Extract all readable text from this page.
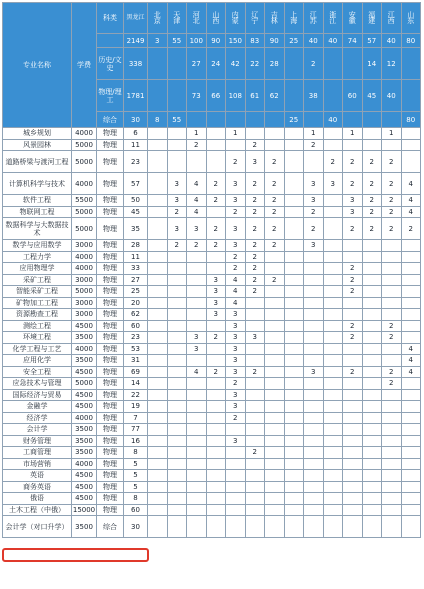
专业名称	学费	科类	黑龙江	北京	天津	河北	山西	内蒙	辽宁	吉林	上海	江苏	浙江	安徽	福建	江西	山东
			2149	3	55	100	90	150	83	90	25	40	40	74	57	40	80
		历史/文史	338			27	24	42	22	28		2			14	12	
		物理/理工	1781			73	66	108	61	62		38		60	45	40	
		综合	30	8	55						25		40				80
城乡规划	4000	物理	6			1		1				1		1		1	
风景园林	5000	物理	11			2			2			2					
道路桥梁与渡河工程	5000	物理	23					2	3	2			2	2	2	2	
计算机科学与技术	4000	物理	57		3	4	2	3	2	2		3	3	2	2	2	4
软件工程	5500	物理	50		3	4	2	3	2	2		3		3	2	2	4
物联网工程	5000	物理	45		2	4		2	2	2		2		3	2	2	4
数据科学与大数据技术	5000	物理	35		3	3	2	3	2	2		2		2	2	2	2
数学与应用数学	3000	物理	28		2	2	2	3	2	2		3					
工程力学	4000	物理	11					2	2								
应用物理学	4000	物理	33					2	2					2			
采矿工程	3000	物理	27				3	4	2	2				2			
智能采矿工程	5000	物理	25				3	4	2					2			
矿物加工工程	3000	物理	20				3	4									
资源勘查工程	3000	物理	62				3	3									
测绘工程	4500	物理	60					3						2		2	
环境工程	3500	物理	23			3	2	3	3					2		2	
化学工程与工艺	4000	物理	53			3		3									4
应用化学	3500	物理	31					3									4
安全工程	4500	物理	69			4	2	3	2			3		2		2	4
应急技术与管理	5000	物理	14					2								2	
国际经济与贸易	4500	物理	22					3									
金融学	4500	物理	19					3									
经济学	4000	物理	7					2									
会计学	3500	物理	77														
财务管理	3500	物理	16					3									
工商管理	3500	物理	8						2								
市场营销	4000	物理	5														
英语	4500	物理	5														
商务英语	4500	物理	5														
俄语	4500	物理	8														
土木工程（中俄）	15000	物理	60														
会计学（对口升学）	3500	综合	30														
